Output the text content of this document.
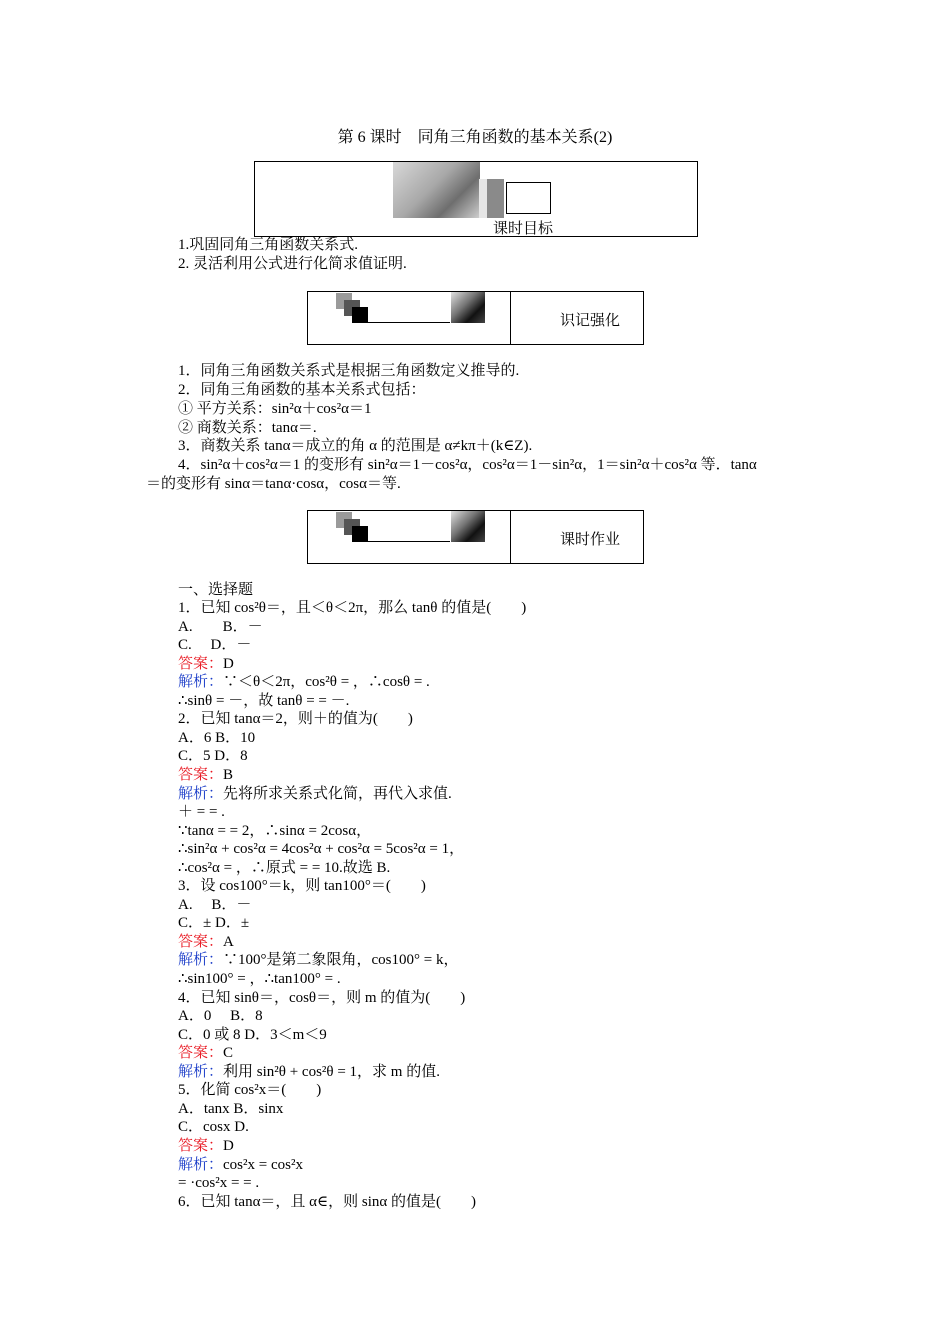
第 6 课时　同角三角函数的基本关系(2)
课时目标
1.巩固同角三角函数关系式.
2. 灵活利用公式进行化简求值证明.
识记强化
1．同角三角函数关系式是根据三角函数定义推导的.
2．同角三角函数的基本关系式包括：
① 平方关系：sin²α＋cos²α＝1
② 商数关系：tanα＝.
3．商数关系 tanα＝成立的角 α 的范围是 α≠kπ＋(k∈Z).
4．sin²α＋cos²α＝1 的变形有 sin²α＝1－cos²α，cos²α＝1－sin²α，1＝sin²α＋cos²α 等．tanα
＝的变形有 sinα＝tanα·cosα，cosα＝等.
课时作业
一、选择题
1．已知 cos²θ＝，且＜θ＜2π，那么 tanθ 的值是(　　)
A.　　B．－
C.　 D．－
答案：D
解析：∵＜θ＜2π，cos²θ = ，∴cosθ = .
∴sinθ = －，故 tanθ = = －.
2．已知 tanα＝2，则＋的值为(　　)
A．6 B．10
C．5 D．8
答案：B
解析：先将所求关系式化简，再代入求值.
＋ = = .
∵tanα = = 2，∴sinα = 2cosα，
∴sin²α + cos²α = 4cos²α + cos²α = 5cos²α = 1，
∴cos²α = ，∴原式 = = 10.故选 B.
3．设 cos100°＝k，则 tan100°＝(　　)
A.　 B．－
C．± D．±
答案：A
解析：∵100°是第二象限角，cos100° = k，
∴sin100° = ，∴tan100° = .
4．已知 sinθ＝，cosθ＝，则 m 的值为(　　)
A．0　 B．8
C．0 或 8 D．3＜m＜9
答案：C
解析：利用 sin²θ + cos²θ = 1，求 m 的值.
5．化简 cos²x＝(　　)
A．tanx B．sinx
C．cosx D.
答案：D
解析：cos²x = cos²x
= ·cos²x = = .
6．已知 tanα＝，且 α∈，则 sinα 的值是(　　)
